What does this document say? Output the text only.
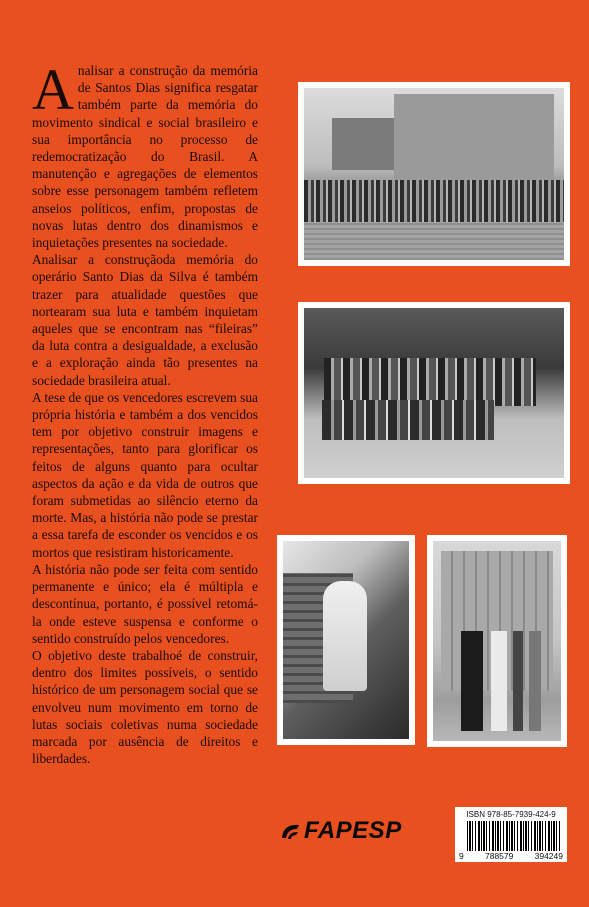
Analisar a construção da memória de Santos Dias significa resgatar também parte da memória do movimento sindical e social brasileiro e sua importância no processo de redemocratização do Brasil. A manutenção e agregações de elementos sobre esse personagem também refletem anseios políticos, enfim, propostas de novas lutas dentro dos dinamismos e inquietações presentes na sociedade.

Analisar a construçãoda memória do operário Santo Dias da Silva é também trazer para atualidade questões que nortearam sua luta e também inquietam aqueles que se encontram nas “fileiras” da luta contra a desigualdade, a exclusão e a exploração ainda tão presentes na sociedade brasileira atual.

A tese de que os vencedores escrevem sua própria história e também a dos vencidos tem por objetivo construir imagens e representações, tanto para glorificar os feitos de alguns quanto para ocultar aspectos da ação e da vida de outros que foram submetidas ao silêncio eterno da morte. Mas, a história não pode se prestar a essa tarefa de esconder os vencidos e os mortos que resistiram historicamente.

A história não pode ser feita com sentido permanente e único; ela é múltipla e descontínua, portanto, é possível retomá-la onde esteve suspensa e conforme o sentido construído pelos vencedores.

O objetivo deste trabalhoé de construir, dentro dos limites possíveis, o sentido histórico de um personagem social que se envolveu num movimento em torno de lutas sociais coletivas numa sociedade marcada por ausência de direitos e liberdades.

FAPESP
ISBN 978-85-7939-424-9
9	788579	394249
